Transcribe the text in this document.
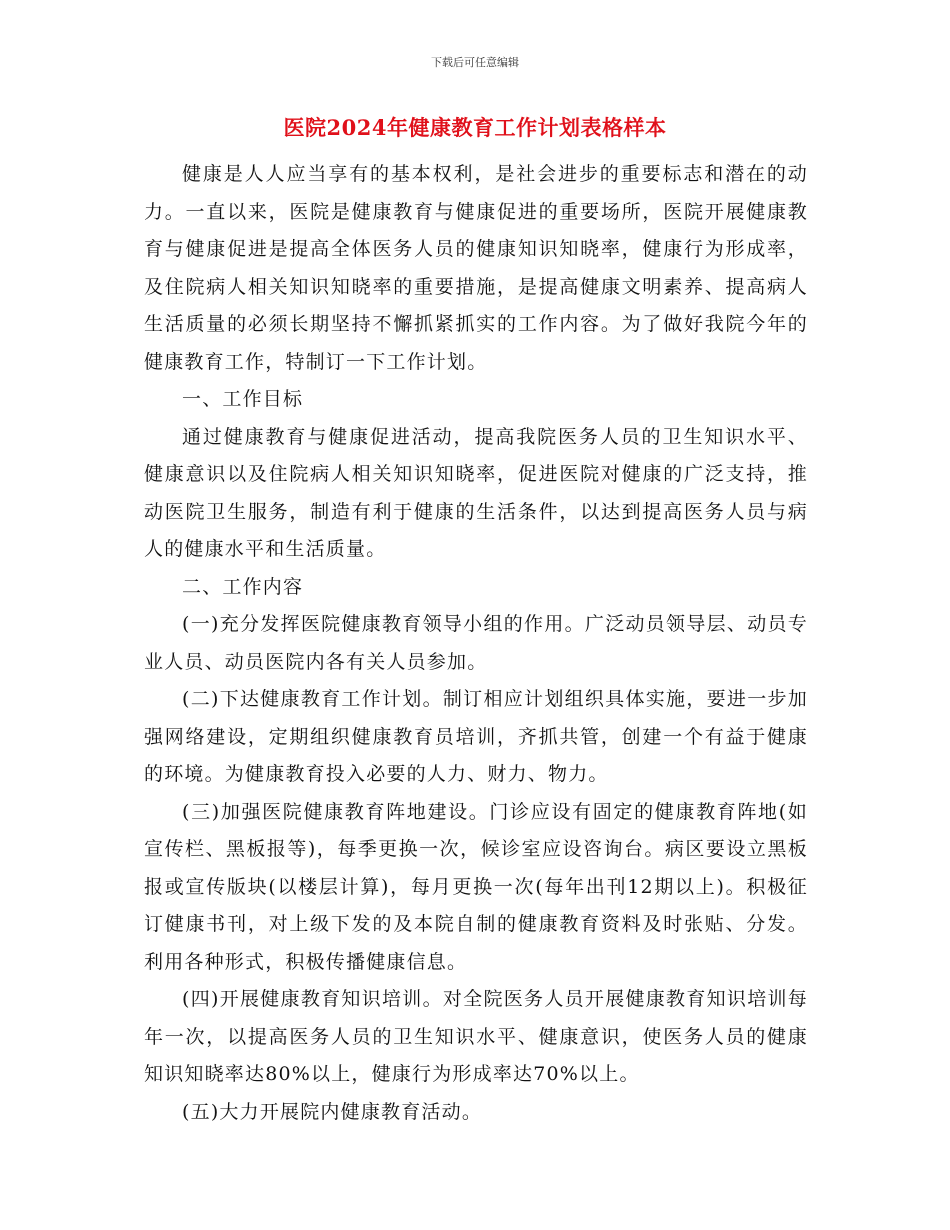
下载后可任意编辑
医院2024年健康教育工作计划表格样本

健康是人人应当享有的基本权利，是社会进步的重要标志和潜在的动力。一直以来，医院是健康教育与健康促进的重要场所，医院开展健康教育与健康促进是提高全体医务人员的健康知识知晓率，健康行为形成率，及住院病人相关知识知晓率的重要措施，是提高健康文明素养、提高病人生活质量的必须长期坚持不懈抓紧抓实的工作内容。为了做好我院今年的健康教育工作，特制订一下工作计划。

一、工作目标

通过健康教育与健康促进活动，提高我院医务人员的卫生知识水平、健康意识以及住院病人相关知识知晓率，促进医院对健康的广泛支持，推动医院卫生服务，制造有利于健康的生活条件，以达到提高医务人员与病人的健康水平和生活质量。

二、工作内容

(一)充分发挥医院健康教育领导小组的作用。广泛动员领导层、动员专业人员、动员医院内各有关人员参加。

(二)下达健康教育工作计划。制订相应计划组织具体实施，要进一步加强网络建设，定期组织健康教育员培训，齐抓共管，创建一个有益于健康的环境。为健康教育投入必要的人力、财力、物力。

(三)加强医院健康教育阵地建设。门诊应设有固定的健康教育阵地(如宣传栏、黑板报等)，每季更换一次，候诊室应设咨询台。病区要设立黑板报或宣传版块(以楼层计算)，每月更换一次(每年出刊12期以上)。积极征订健康书刊，对上级下发的及本院自制的健康教育资料及时张贴、分发。利用各种形式，积极传播健康信息。

(四)开展健康教育知识培训。对全院医务人员开展健康教育知识培训每年一次，以提高医务人员的卫生知识水平、健康意识，使医务人员的健康知识知晓率达80%以上，健康行为形成率达70%以上。

(五)大力开展院内健康教育活动。
